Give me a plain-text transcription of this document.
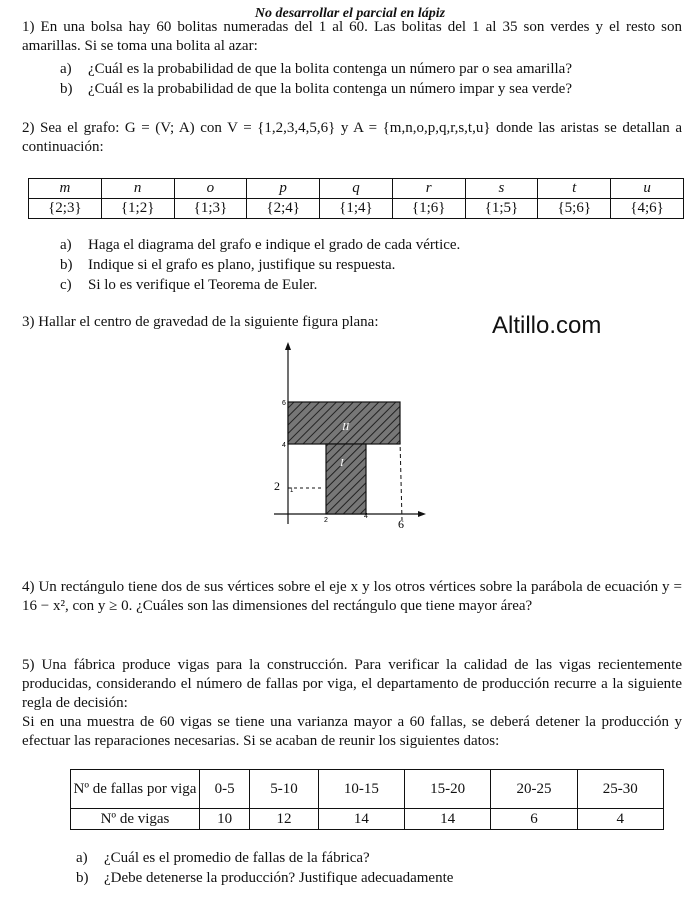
No desarrollar el parcial en lápiz
1) En una bolsa hay 60 bolitas numeradas del 1 al 60. Las bolitas del 1 al 35 son verdes y el resto son amarillas. Si se toma una bolita al azar:
a) ¿Cuál es la probabilidad de que la bolita contenga un número par o sea amarilla?
b) ¿Cuál es la probabilidad de que la bolita contenga un número impar y sea verde?
2) Sea el grafo: G = (V; A) con V = {1,2,3,4,5,6} y A = {m,n,o,p,q,r,s,t,u} donde las aristas se detallan a continuación:
m	n	o	p	q	r	s	t	u
{2;3}	{1;2}	{1;3}	{2;4}	{1;4}	{1;6}	{1;5}	{5;6}	{4;6}
a) Haga el diagrama del grafo e indique el grado de cada vértice.
b) Indique si el grafo es plano, justifique su respuesta.
c) Si lo es verifique el Teorema de Euler.
3) Hallar el centro de gravedad de la siguiente figura plana:	Altillo.com
II
I
6
4
2 1
2
4
6
4) Un rectángulo tiene dos de sus vértices sobre el eje x y los otros vértices sobre la parábola de ecuación y = 16 − x², con y ≥ 0. ¿Cuáles son las dimensiones del rectángulo que tiene mayor área?
5) Una fábrica produce vigas para la construcción. Para verificar la calidad de las vigas recientemente producidas, considerando el número de fallas por viga, el departamento de producción recurre a la siguiente regla de decisión:
Si en una muestra de 60 vigas se tiene una varianza mayor a 60 fallas, se deberá detener la producción y efectuar las reparaciones necesarias. Si se acaban de reunir los siguientes datos:
Nº de fallas por viga	0-5	5-10	10-15	15-20	20-25	25-30
Nº de vigas	10	12	14	14	6	4
a) ¿Cuál es el promedio de fallas de la fábrica?
b) ¿Debe detenerse la producción? Justifique adecuadamente
